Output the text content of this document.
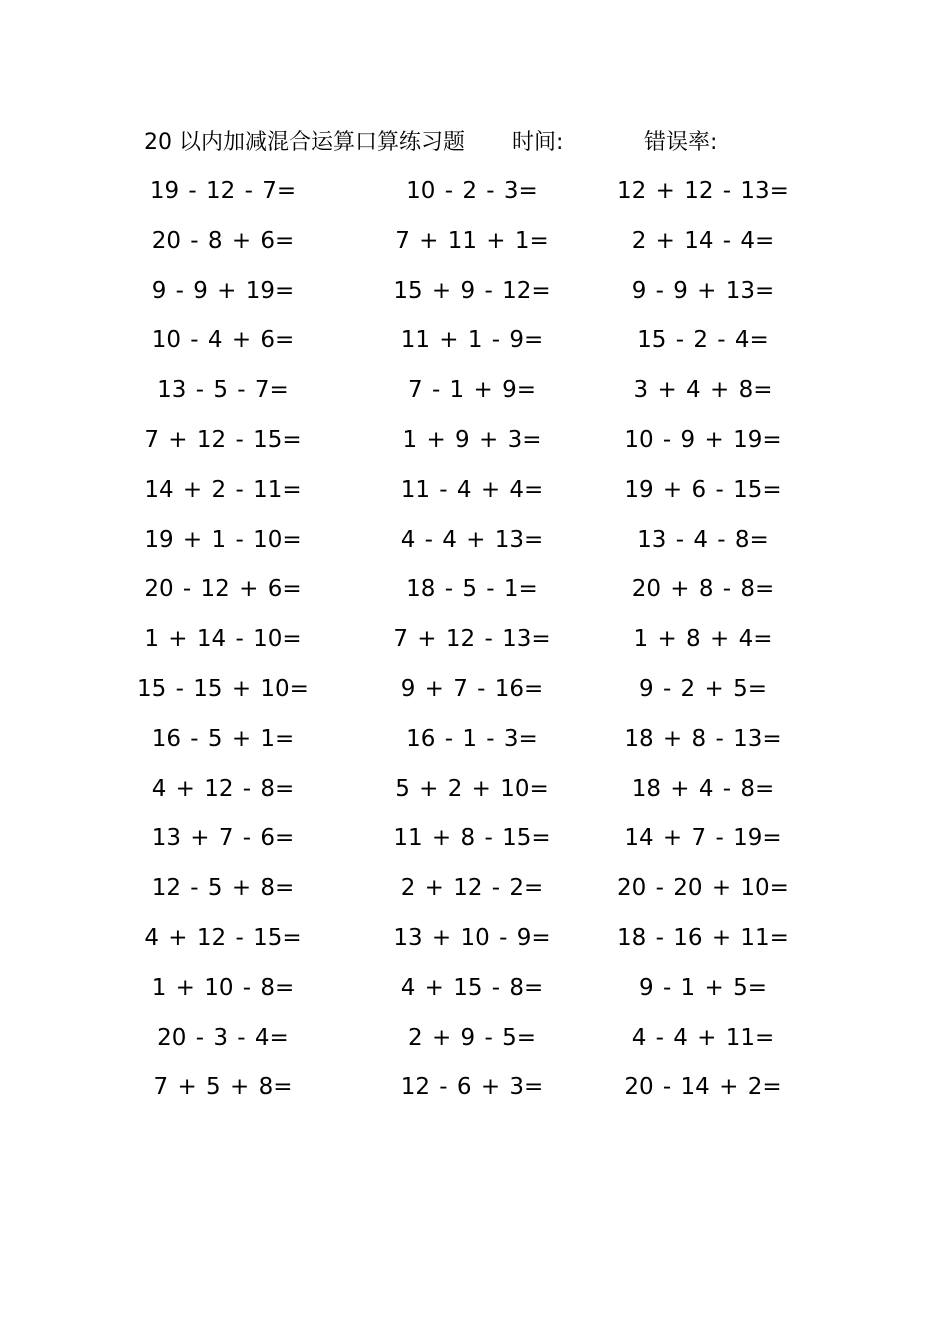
20 以内加减混合运算口算练习题 时间:	错误率:
19 - 12 - 7=	10 - 2 - 3=	12 + 12 - 13=
20 - 8 + 6=	7 + 11 + 1=	2 + 14 - 4=
9 - 9 + 19=	15 + 9 - 12=	9 - 9 + 13=
10 - 4 + 6=	11 + 1 - 9=	15 - 2 - 4=
13 - 5 - 7=	7 - 1 + 9=	3 + 4 + 8=
7 + 12 - 15=	1 + 9 + 3=	10 - 9 + 19=
14 + 2 - 11=	11 - 4 + 4=	19 + 6 - 15=
19 + 1 - 10=	4 - 4 + 13=	13 - 4 - 8=
20 - 12 + 6=	18 - 5 - 1=	20 + 8 - 8=
1 + 14 - 10=	7 + 12 - 13=	1 + 8 + 4=
15 - 15 + 10=	9 + 7 - 16=	9 - 2 + 5=
16 - 5 + 1=	16 - 1 - 3=	18 + 8 - 13=
4 + 12 - 8=	5 + 2 + 10=	18 + 4 - 8=
13 + 7 - 6=	11 + 8 - 15=	14 + 7 - 19=
12 - 5 + 8=	2 + 12 - 2=	20 - 20 + 10=
4 + 12 - 15=	13 + 10 - 9=	18 - 16 + 11=
1 + 10 - 8=	4 + 15 - 8=	9 - 1 + 5=
20 - 3 - 4=	2 + 9 - 5=	4 - 4 + 11=
7 + 5 + 8=	12 - 6 + 3=	20 - 14 + 2=
